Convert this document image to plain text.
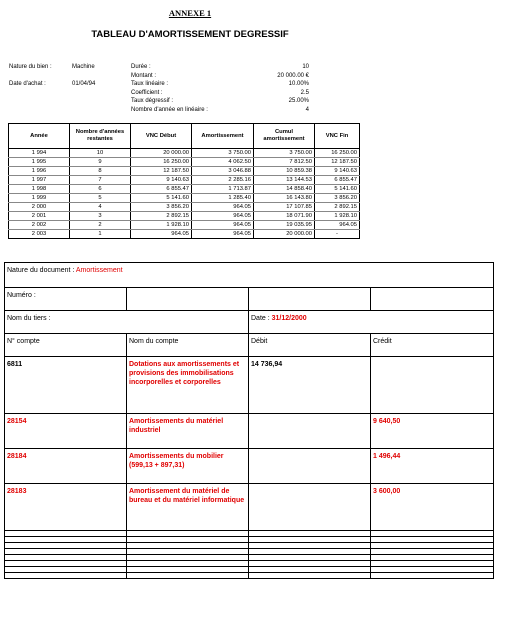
ANNEXE 1
TABLEAU D'AMORTISSEMENT DEGRESSIF
Nature du bien :	Machine
Date d'achat :	01/04/94
Durée :	10
Montant :	20 000.00 €
Taux linéaire :	10.00%
Coefficient :	2.5
Taux dégressif :	25.00%
Nombre d'année en linéaire :	4
Année	Nombre d'années restantes	VNC Début	Amortissement	Cumul amortissement	VNC Fin
1 994	10	20 000.00	3 750.00	3 750.00	16 250.00
1 995	9	16 250.00	4 062.50	7 812.50	12 187.50
1 996	8	12 187.50	3 046.88	10 859.38	9 140.63
1 997	7	9 140.63	2 285.16	13 144.53	6 855.47
1 998	6	6 855.47	1 713.87	14 858.40	5 141.60
1 999	5	5 141.60	1 285.40	16 143.80	3 856.20
2 000	4	3 856.20	964.05	17 107.85	2 892.15
2 001	3	2 892.15	964.05	18 071.90	1 928.10
2 002	2	1 928.10	964.05	19 035.95	964.05
2 003	1	964.05	964.05	20 000.00	-
Nature du document : Amortissement			
Numéro :			
Nom du tiers :		Date : 31/12/2000	
N° compte	Nom du compte	Débit	Crédit
6811	Dotations aux amortissements et provisions des immobilisations incorporelles et corporelles	14 736,94	
28154	Amortissements du matériel industriel		9 640,50
28184	Amortissements du mobilier (599,13 + 897,31)		1 496,44
28183	Amortissement du matériel de bureau et du matériel informatique		3 600,00
